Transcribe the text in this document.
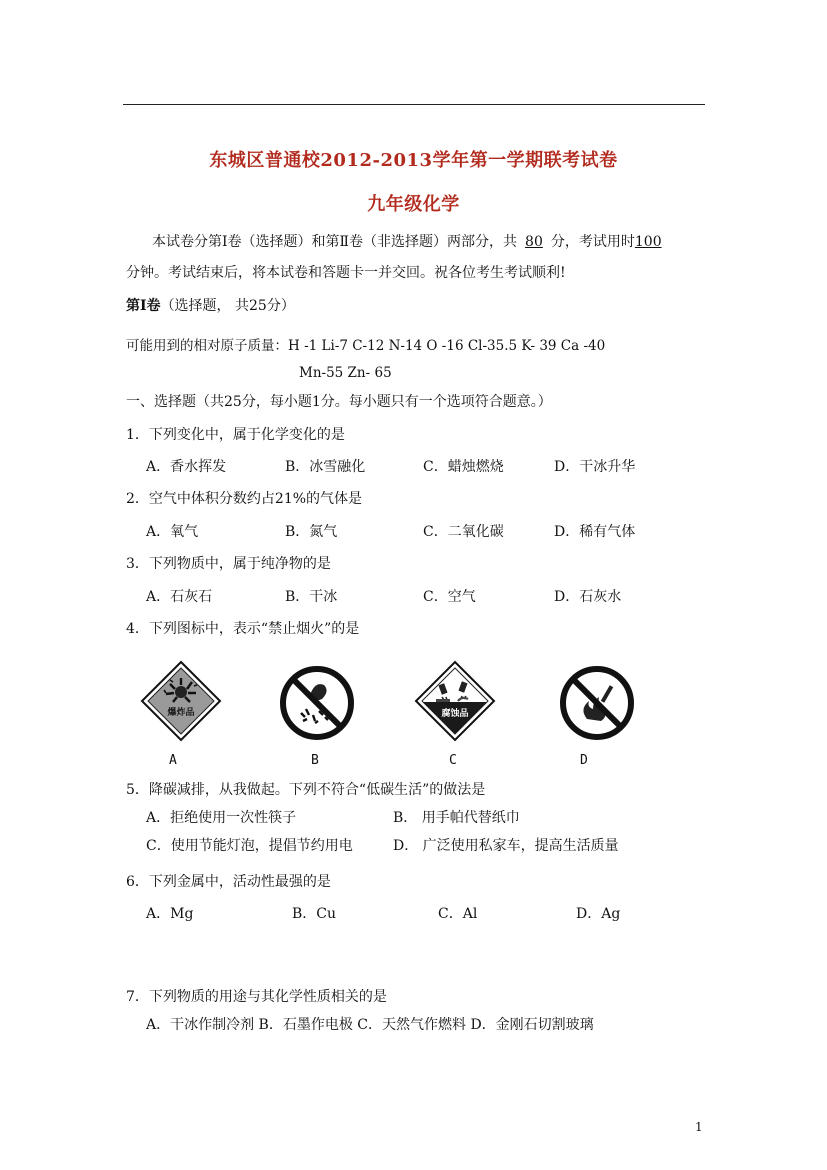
东城区普通校2012-2013学年第一学期联考试卷
九年级化学
本试卷分第Ⅰ卷（选择题）和第Ⅱ卷（非选择题）两部分，共 80 分，考试用时100
分钟。考试结束后，将本试卷和答题卡一并交回。祝各位考生考试顺利!
第Ⅰ卷（选择题， 共25分）
可能用到的相对原子质量：H -1 Li-7 C-12 N-14 O -16 Cl-35.5 K- 39 Ca -40
Mn-55 Zn- 65
一、选择题（共25分，每小题1分。每小题只有一个选项符合题意。）
1．下列变化中，属于化学变化的是
A．香水挥发	B．冰雪融化	C．蜡烛燃烧	D．干冰升华
2．空气中体积分数约占21%的气体是
A．氧气	B．氮气	C．二氧化碳	D．稀有气体
3．下列物质中，属于纯净物的是
A．石灰石	B．干冰	C．空气	D．石灰水
4．下列图标中，表示“禁止烟火”的是
爆炸品
A	B
腐蚀品
C	D
5．降碳减排，从我做起。下列不符合“低碳生活”的做法是
A．拒绝使用一次性筷子	B． 用手帕代替纸巾
C．使用节能灯泡，提倡节约用电	D． 广泛使用私家车，提高生活质量
6．下列金属中，活动性最强的是
A．Mg	B．Cu	C．Al	D．Ag
7．下列物质的用途与其化学性质相关的是
A．干冰作制冷剂 B．石墨作电极 C．天然气作燃料 D．金刚石切割玻璃
1
